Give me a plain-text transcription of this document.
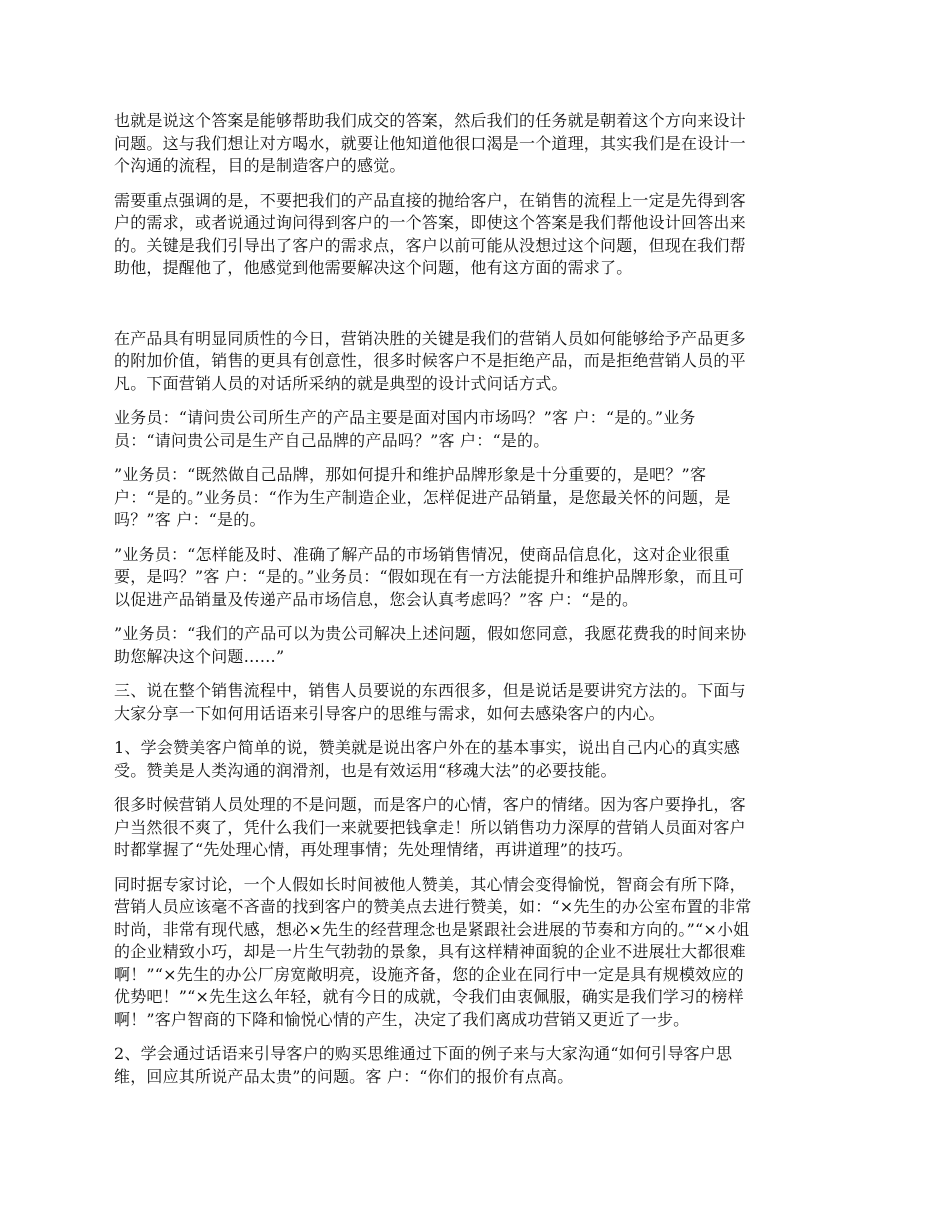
也就是说这个答案是能够帮助我们成交的答案，然后我们的任务就是朝着这个方向来设计
问题。这与我们想让对方喝水，就要让他知道他很口渴是一个道理，其实我们是在设计一
个沟通的流程，目的是制造客户的感觉。

需要重点强调的是，不要把我们的产品直接的抛给客户，在销售的流程上一定是先得到客
户的需求，或者说通过询问得到客户的一个答案，即使这个答案是我们帮他设计回答出来
的。关键是我们引导出了客户的需求点，客户以前可能从没想过这个问题，但现在我们帮
助他，提醒他了，他感觉到他需要解决这个问题，他有这方面的需求了。

在产品具有明显同质性的今日，营销决胜的关键是我们的营销人员如何能够给予产品更多
的附加价值，销售的更具有创意性，很多时候客户不是拒绝产品，而是拒绝营销人员的平
凡。下面营销人员的对话所采纳的就是典型的设计式问话方式。

业务员：“请问贵公司所生产的产品主要是面对国内市场吗？”客 户：“是的。”业务
员：“请问贵公司是生产自己品牌的产品吗？”客 户：“是的。

”业务员：“既然做自己品牌，那如何提升和维护品牌形象是十分重要的，是吧？”客
户：“是的。”业务员：“作为生产制造企业，怎样促进产品销量，是您最关怀的问题，是
吗？”客 户：“是的。

”业务员：“怎样能及时、准确了解产品的市场销售情况，使商品信息化，这对企业很重
要，是吗？”客 户：“是的。”业务员：“假如现在有一方法能提升和维护品牌形象，而且可
以促进产品销量及传递产品市场信息，您会认真考虑吗？”客 户：“是的。

”业务员：“我们的产品可以为贵公司解决上述问题，假如您同意，我愿花费我的时间来协
助您解决这个问题……”

三、说在整个销售流程中，销售人员要说的东西很多，但是说话是要讲究方法的。下面与
大家分享一下如何用话语来引导客户的思维与需求，如何去感染客户的内心。

1、学会赞美客户简单的说，赞美就是说出客户外在的基本事实，说出自己内心的真实感
受。赞美是人类沟通的润滑剂，也是有效运用“移魂大法”的必要技能。

很多时候营销人员处理的不是问题，而是客户的心情，客户的情绪。因为客户要挣扎，客
户当然很不爽了，凭什么我们一来就要把钱拿走！所以销售功力深厚的营销人员面对客户
时都掌握了“先处理心情，再处理事情；先处理情绪，再讲道理”的技巧。

同时据专家讨论，一个人假如长时间被他人赞美，其心情会变得愉悦，智商会有所下降，
营销人员应该毫不吝啬的找到客户的赞美点去进行赞美，如：“×先生的办公室布置的非常
时尚，非常有现代感，想必×先生的经营理念也是紧跟社会进展的节奏和方向的。”“×小姐
的企业精致小巧，却是一片生气勃勃的景象，具有这样精神面貌的企业不进展壮大都很难
啊！”“×先生的办公厂房宽敞明亮，设施齐备，您的企业在同行中一定是具有规模效应的
优势吧！”“×先生这么年轻，就有今日的成就，令我们由衷佩服，确实是我们学习的榜样
啊！”客户智商的下降和愉悦心情的产生，决定了我们离成功营销又更近了一步。

2、学会通过话语来引导客户的购买思维通过下面的例子来与大家沟通“如何引导客户思
维，回应其所说产品太贵”的问题。客 户：“你们的报价有点高。
